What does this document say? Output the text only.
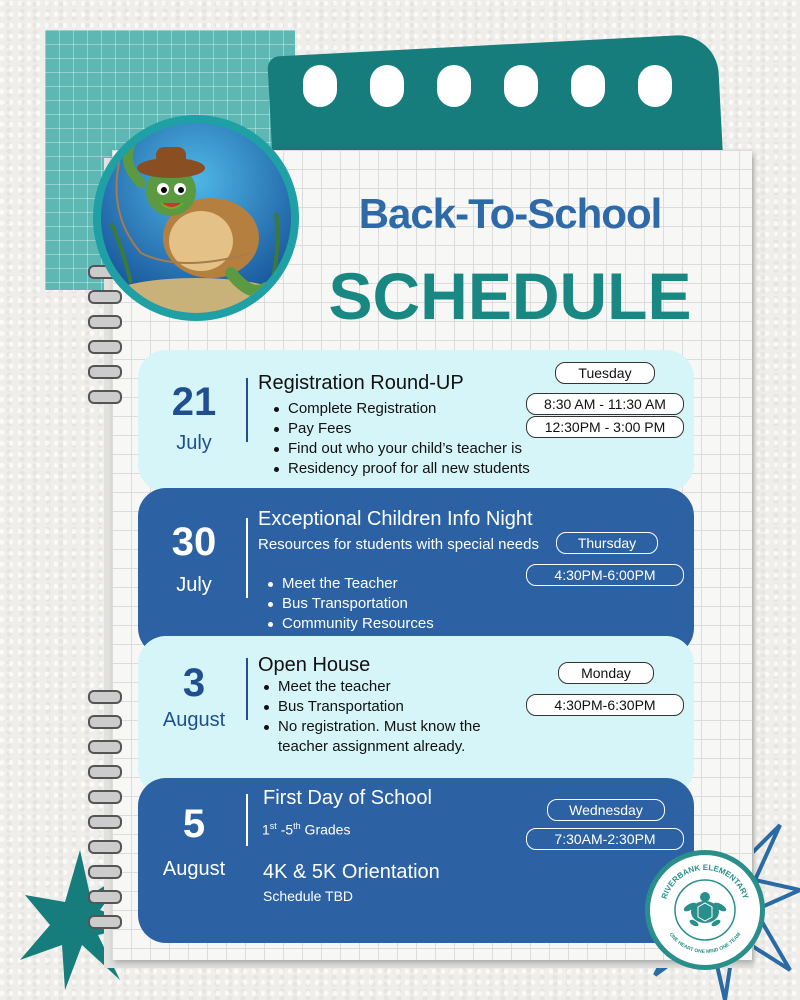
Back-To-School
SCHEDULE
21
July
Registration Round-UP
Complete Registration
Pay Fees
Find out who your child’s teacher is
Residency proof for all new students
Tuesday
8:30 AM - 11:30 AM
12:30PM - 3:00 PM
30
July
Exceptional Children Info Night
Resources for students with special needs
Meet the Teacher
Bus Transportation
Community Resources
Thursday
4:30PM-6:00PM
3
August
Open House
Meet the teacher
Bus Transportation
No registration. Must know the teacher assignment already.
Monday
4:30PM-6:30PM
5
August
First Day of School
1st -5th Grades
4K & 5K Orientation
Schedule TBD
Wednesday
7:30AM-2:30PM
RIVERBANK ELEMENTARY
ONE HEART ONE MIND ONE TEAM
